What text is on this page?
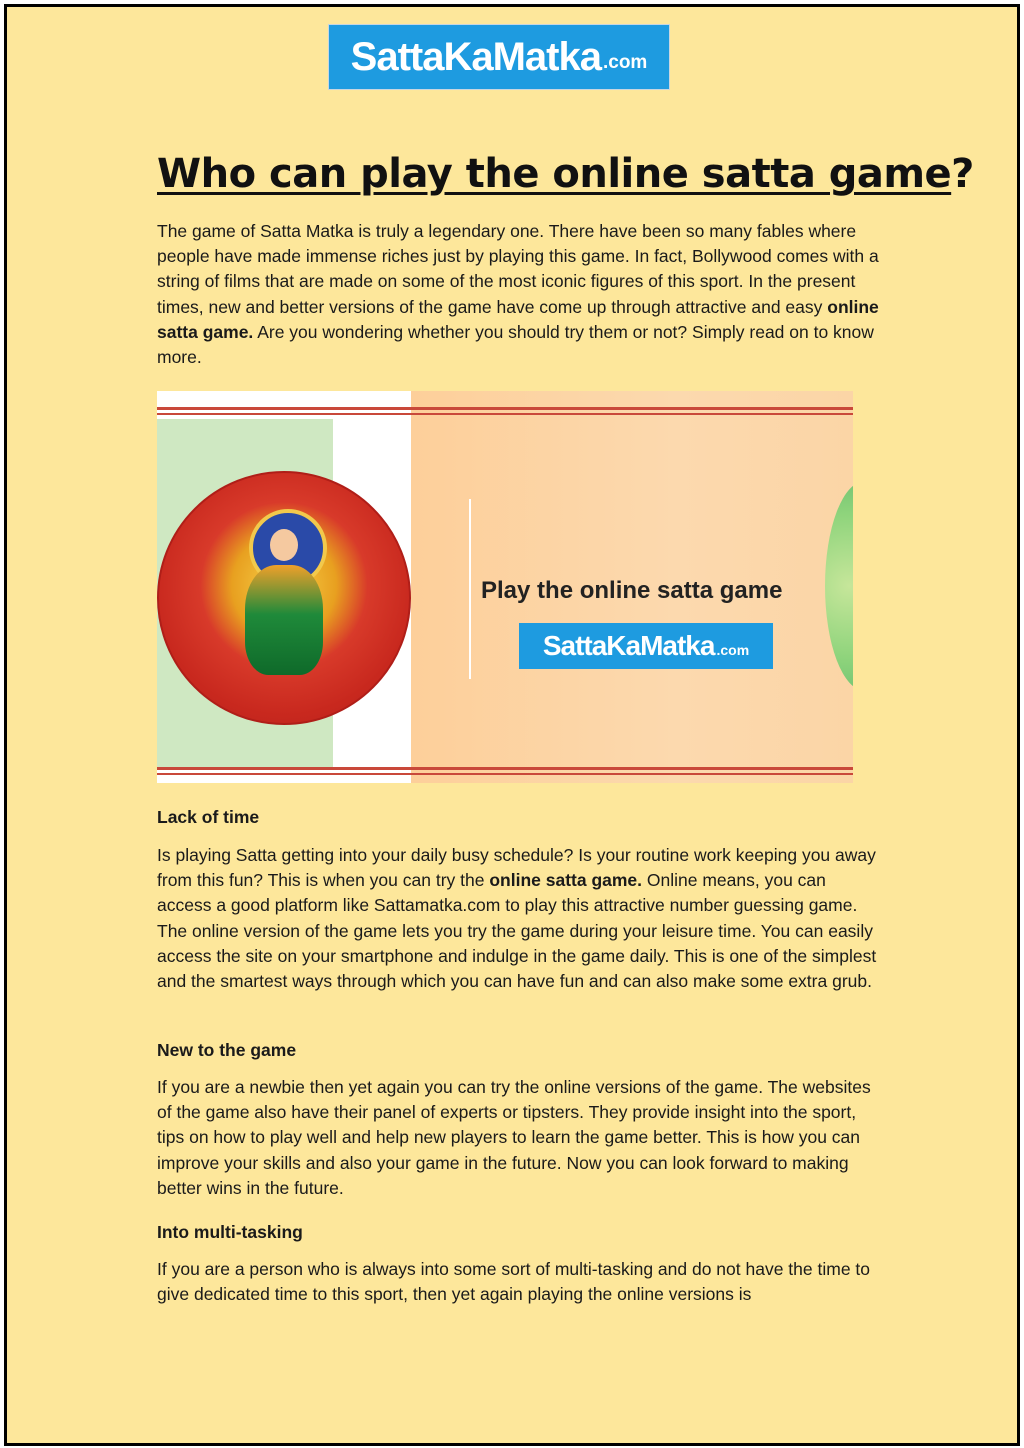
SattaKaMatka .com
Who can play the online satta game?

The game of Satta Matka is truly a legendary one. There have been so many fables where people have made immense riches just by playing this game. In fact, Bollywood comes with a string of films that are made on some of the most iconic figures of this sport. In the present times, new and better versions of the game have come up through attractive and easy online satta game. Are you wondering whether you should try them or not? Simply read on to know more.

Play the online satta game

SattaKaMatka .com

Lack of time

Is playing Satta getting into your daily busy schedule? Is your routine work keeping you away from this fun? This is when you can try the online satta game. Online means, you can access a good platform like Sattamatka.com to play this attractive number guessing game. The online version of the game lets you try the game during your leisure time. You can easily access the site on your smartphone and indulge in the game daily. This is one of the simplest and the smartest ways through which you can have fun and can also make some extra grub.

New to the game

If you are a newbie then yet again you can try the online versions of the game. The websites of the game also have their panel of experts or tipsters. They provide insight into the sport, tips on how to play well and help new players to learn the game better. This is how you can improve your skills and also your game in the future. Now you can look forward to making better wins in the future.

Into multi-tasking

If you are a person who is always into some sort of multi-tasking and do not have the time to give dedicated time to this sport, then yet again playing the online versions is
